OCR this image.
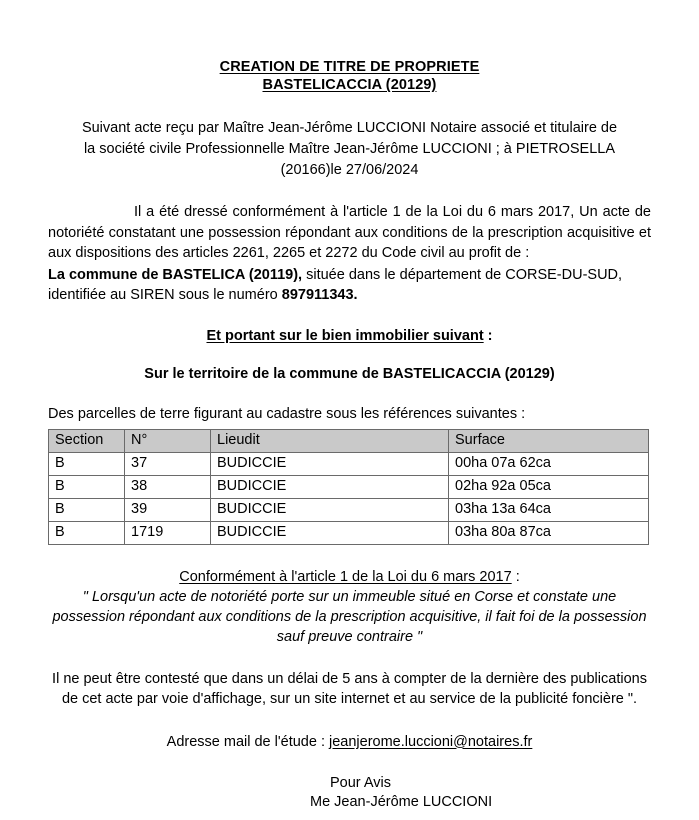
CREATION DE TITRE DE PROPRIETE
BASTELICACCIA (20129)
Suivant acte reçu par Maître Jean-Jérôme LUCCIONI Notaire associé et titulaire de
la société civile Professionnelle Maître Jean-Jérôme LUCCIONI ; à PIETROSELLA
(20166)le 27/06/2024
Il a été dressé conformément à l'article 1 de la Loi du 6 mars 2017, Un acte de notoriété constatant une possession répondant aux conditions de la prescription acquisitive et aux dispositions des articles 2261, 2265 et 2272 du Code civil au profit de :
La commune de BASTELICA (20119), située dans le département de CORSE-DU-SUD, identifiée au SIREN sous le numéro 897911343.
Et portant sur le bien immobilier suivant :
Sur le territoire de la commune de BASTELICACCIA (20129)
Des parcelles de terre figurant au cadastre sous les références suivantes :
Section	N°	Lieudit	Surface
B	37	BUDICCIE	00ha 07a 62ca
B	38	BUDICCIE	02ha 92a 05ca
B	39	BUDICCIE	03ha 13a 64ca
B	1719	BUDICCIE	03ha 80a 87ca
Conformément à l'article 1 de la Loi du 6 mars 2017 :
" Lorsqu'un acte de notoriété porte sur un immeuble situé en Corse et constate une
possession répondant aux conditions de la prescription acquisitive, il fait foi de la possession
sauf preuve contraire "
Il ne peut être contesté que dans un délai de 5 ans à compter de la dernière des publications
de cet acte par voie d'affichage, sur un site internet et au service de la publicité foncière ".
Adresse mail de l'étude : jeanjerome.luccioni@notaires.fr
Pour Avis
Me Jean-Jérôme LUCCIONI
